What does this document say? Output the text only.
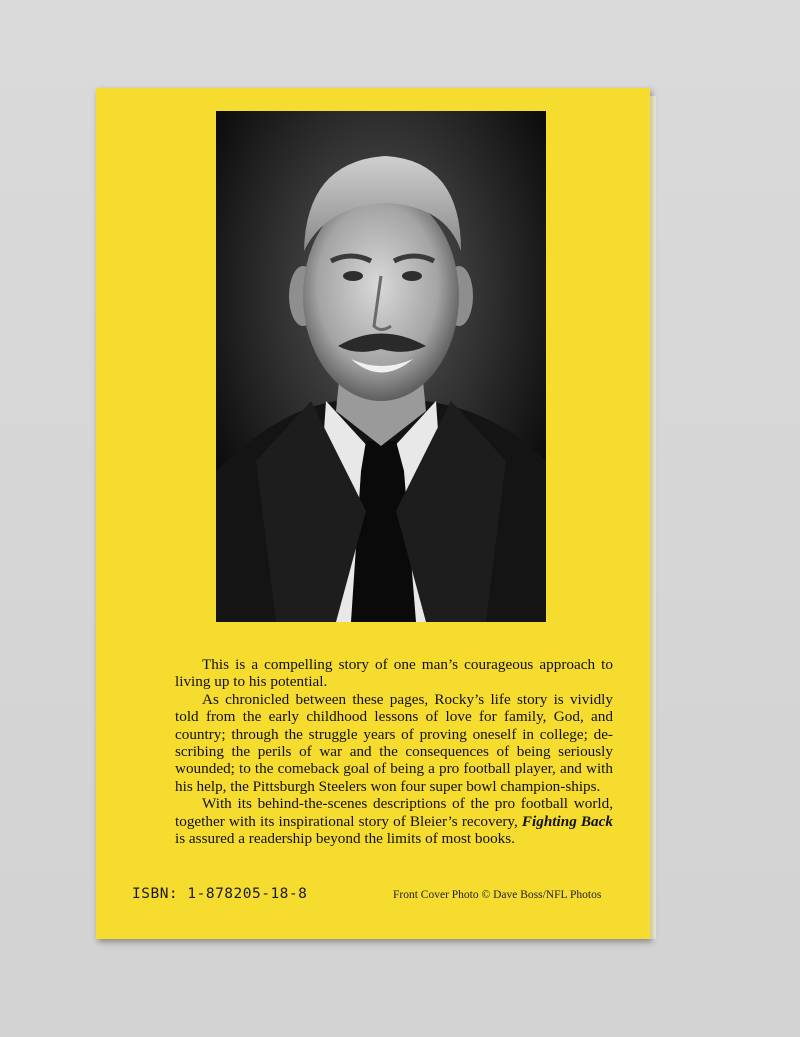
This is a compelling story of one man’s courageous approach to living up to his potential.

As chronicled between these pages, Rocky’s life story is vividly told from the early childhood lessons of love for family, God, and country; through the struggle years of proving oneself in college; de-scribing the perils of war and the consequences of being seriously wounded; to the comeback goal of being a pro football player, and with his help, the Pittsburgh Steelers won four super bowl champion-ships.

With its behind-the-scenes descriptions of the pro football world, together with its inspirational story of Bleier’s recovery, Fighting Back is assured a readership beyond the limits of most books.

ISBN: 1-878205-18-8	Front Cover Photo © Dave Boss/NFL Photos
